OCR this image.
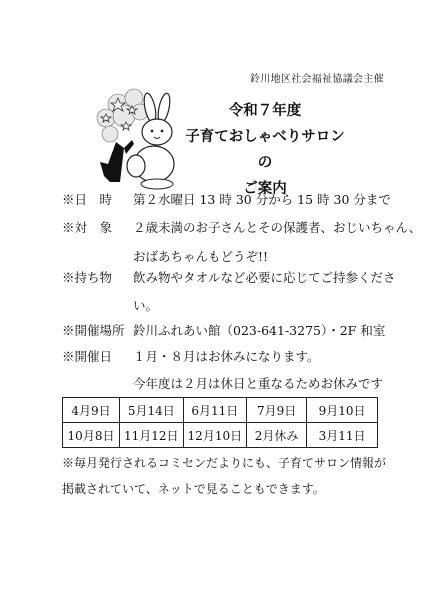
鈴川地区社会福祉協議会主催
令和７年度
子育ておしゃべりサロンの
ご案内
※日　時 第２水曜日 13 時 30 分から 15 時 30 分まで
※対　象 ２歳未満のお子さんとその保護者、おじいちゃん、
おばあちゃんもどうぞ!!
※持ち物 飲み物やタオルなど必要に応じてご持参くださ
い。
※開催場所 鈴川ふれあい館（023-641-3275）・2F 和室
※開催日 １月・８月はお休みになります。
今年度は２月は休日と重なるためお休みです
4月9日	5月14日	6月11日	7月9日	9月10日
10月8日	11月12日	12月10日	2月休み	3月11日
※毎月発行されるコミセンだよりにも、子育てサロン情報が
掲載されていて、ネットで見ることもできます。
